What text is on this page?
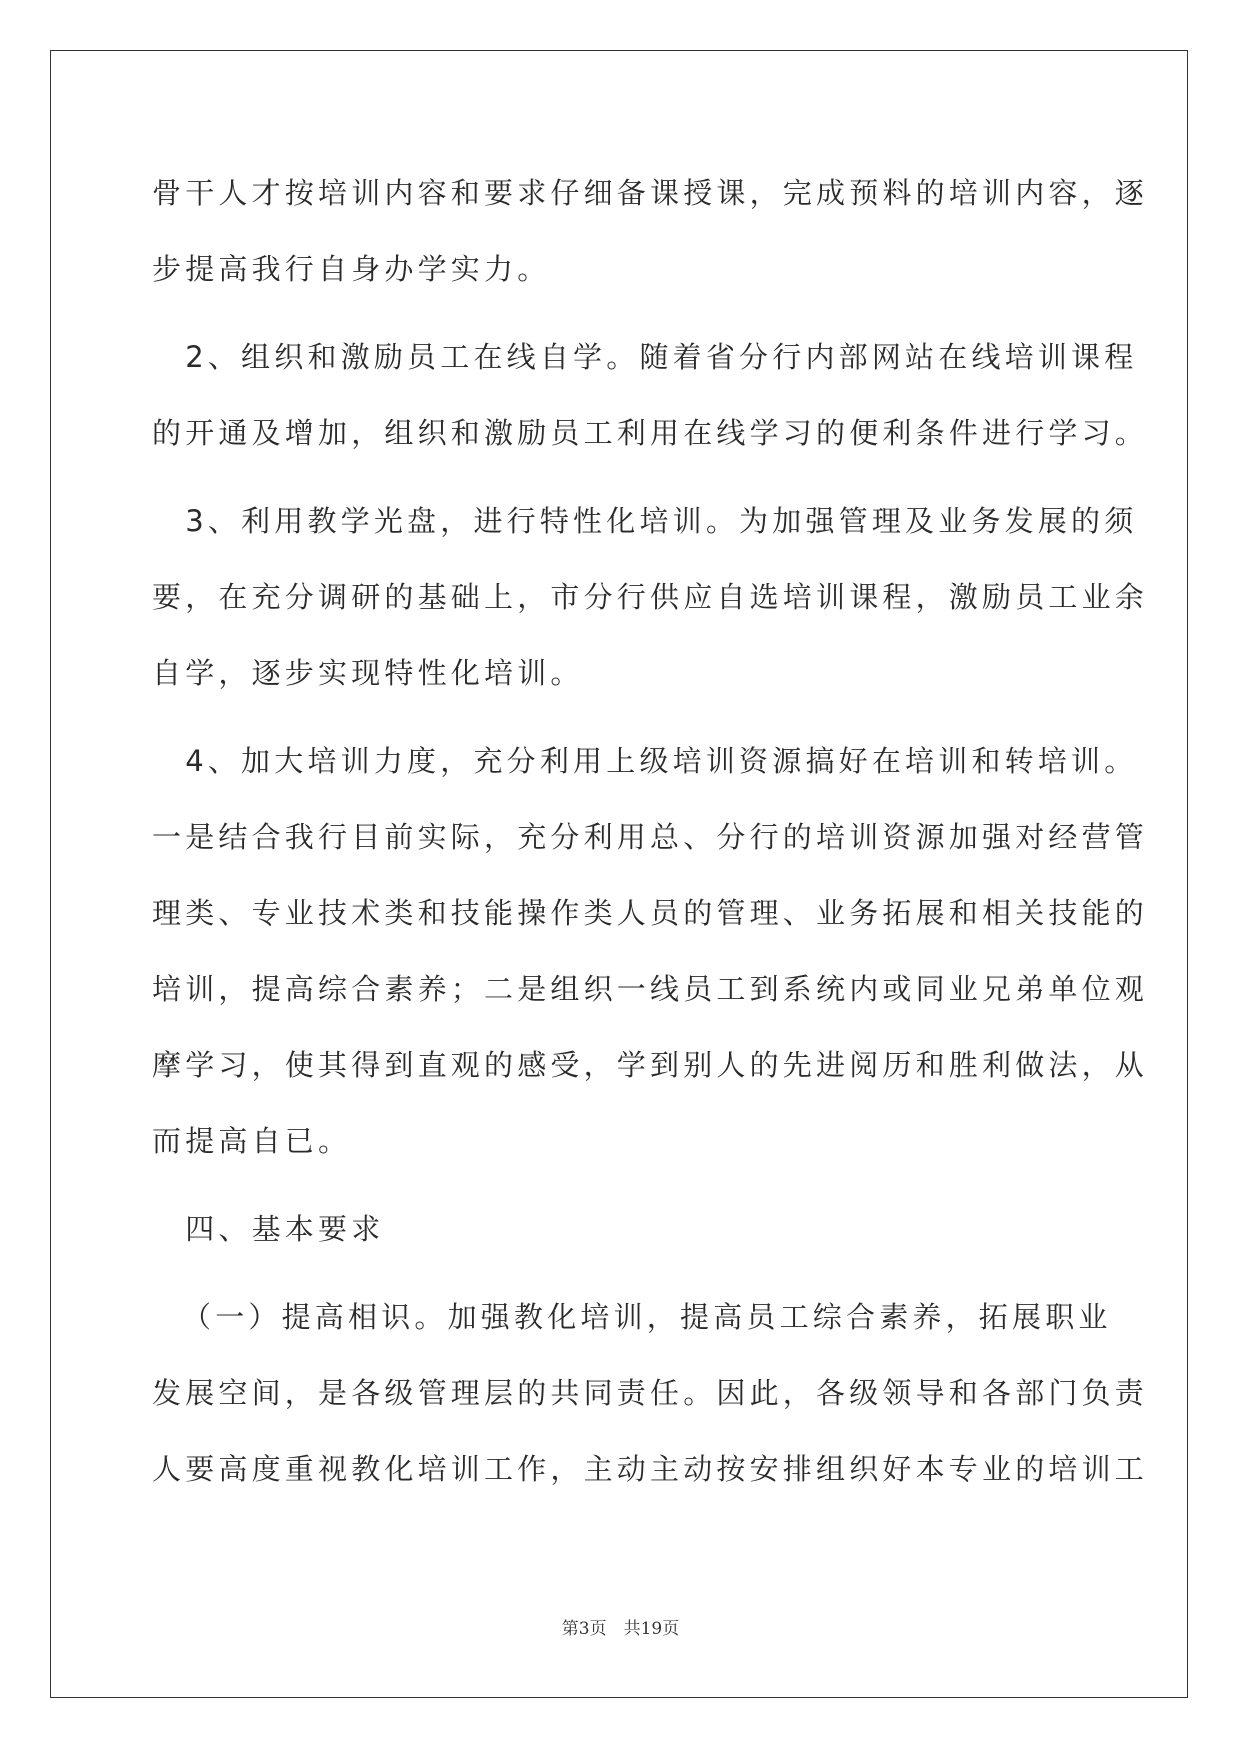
骨干人才按培训内容和要求仔细备课授课，完成预料的培训内容，逐
步提高我行自身办学实力。
　2、组织和激励员工在线自学。随着省分行内部网站在线培训课程
的开通及增加，组织和激励员工利用在线学习的便利条件进行学习。
　3、利用教学光盘，进行特性化培训。为加强管理及业务发展的须
要，在充分调研的基础上，市分行供应自选培训课程，激励员工业余
自学，逐步实现特性化培训。
　4、加大培训力度，充分利用上级培训资源搞好在培训和转培训。
一是结合我行目前实际，充分利用总、分行的培训资源加强对经营管
理类、专业技术类和技能操作类人员的管理、业务拓展和相关技能的
培训，提高综合素养；二是组织一线员工到系统内或同业兄弟单位观
摩学习，使其得到直观的感受，学到别人的先进阅历和胜利做法，从
而提高自已。
　四、基本要求
（一）提高相识。加强教化培训，提高员工综合素养，拓展职业
发展空间，是各级管理层的共同责任。因此，各级领导和各部门负责
人要高度重视教化培训工作，主动主动按安排组织好本专业的培训工
第3页　共19页
